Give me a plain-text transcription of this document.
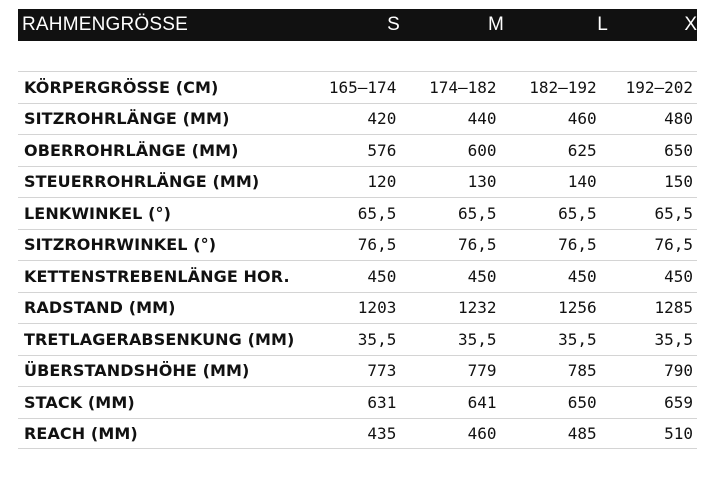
RAHMENGRÖSSE	S	M	L	XL
KÖRPERGRÖSSE (CM)	165–174	174–182	182–192	192–202
SITZROHRLÄNGE (MM)	420	440	460	480
OBERROHRLÄNGE (MM)	576	600	625	650
STEUERROHRLÄNGE (MM)	120	130	140	150
LENKWINKEL (°)	65,5	65,5	65,5	65,5
SITZROHRWINKEL (°)	76,5	76,5	76,5	76,5
KETTENSTREBENLÄNGE HOR.	450	450	450	450
RADSTAND (MM)	1203	1232	1256	1285
TRETLAGERABSENKUNG (MM)	35,5	35,5	35,5	35,5
ÜBERSTANDSHÖHE (MM)	773	779	785	790
STACK (MM)	631	641	650	659
REACH (MM)	435	460	485	510
